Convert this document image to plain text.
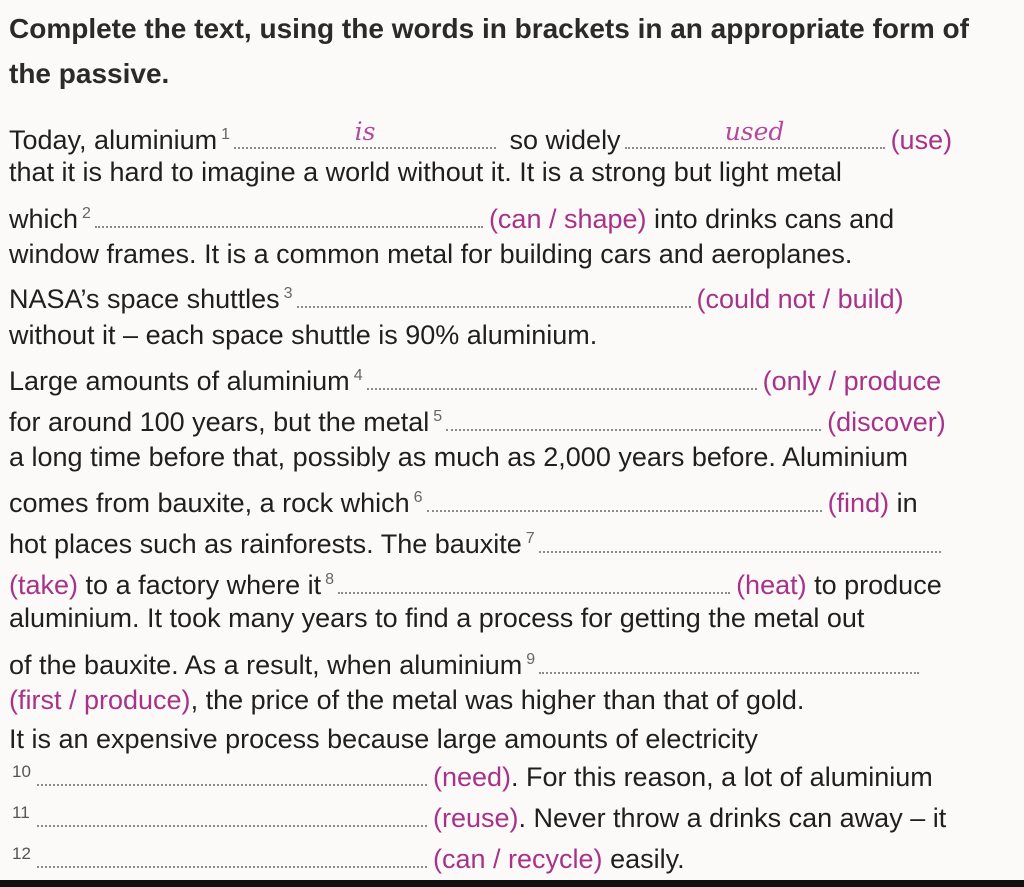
Complete the text, using the words in brackets in an appropriate form of the passive.
Today, aluminium 1	is	so widely	used	(use)
that it is hard to imagine a world without it. It is a strong but light metal
which 2	(can / shape) into drinks cans and
window frames. It is a common metal for building cars and aeroplanes.
NASA’s space shuttles 3	(could not / build)
without it – each space shuttle is 90% aluminium.
Large amounts of aluminium 4	(only / produce
for around 100 years, but the metal 5	(discover)
a long time before that, possibly as much as 2,000 years before. Aluminium
comes from bauxite, a rock which 6	(find) in
hot places such as rainforests. The bauxite 7
(take) to a factory where it 8	(heat) to produce
aluminium. It took many years to find a process for getting the metal out
of the bauxite. As a result, when aluminium 9
(first / produce), the price of the metal was higher than that of gold.
It is an expensive process because large amounts of electricity
10	(need). For this reason, a lot of aluminium
11	(reuse). Never throw a drinks can away – it
12	(can / recycle) easily.
